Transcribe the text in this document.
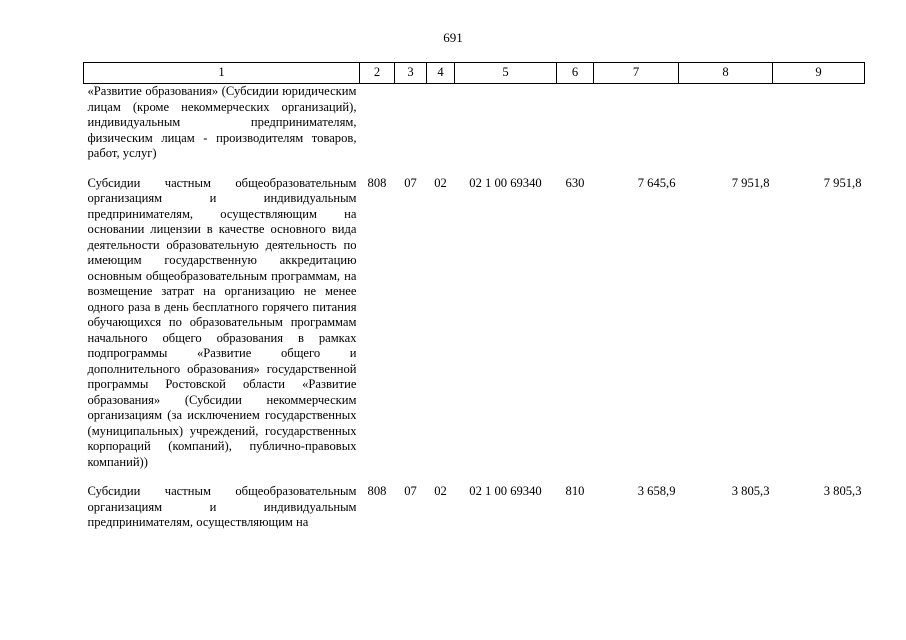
691
1	2	3	4	5	6	7	8	9
«Развитие образования» (Субсидии юридическим лицам (кроме некоммерческих организаций), индивидуальным предпринимателям, физическим лицам - производителям товаров, работ, услуг)								
Субсидии частным общеобразовательным организациям и индивидуальным предпринимателям, осуществляющим на основании лицензии в качестве основного вида деятельности образовательную деятельность по имеющим государственную аккредитацию основным общеобразовательным программам, на возмещение затрат на организацию не менее одного раза в день бесплатного горячего питания обучающихся по образовательным программам начального общего образования в рамках подпрограммы «Развитие общего и дополнительного образования» государственной программы Ростовской области «Развитие образования» (Субсидии некоммерческим организациям (за исключением государственных (муниципальных) учреждений, государственных корпораций (компаний), публично-правовых компаний))	808	07	02	02 1 00 69340	630	7 645,6	7 951,8	7 951,8
Субсидии частным общеобразовательным организациям и индивидуальным предпринимателям, осуществляющим на	808	07	02	02 1 00 69340	810	3 658,9	3 805,3	3 805,3
